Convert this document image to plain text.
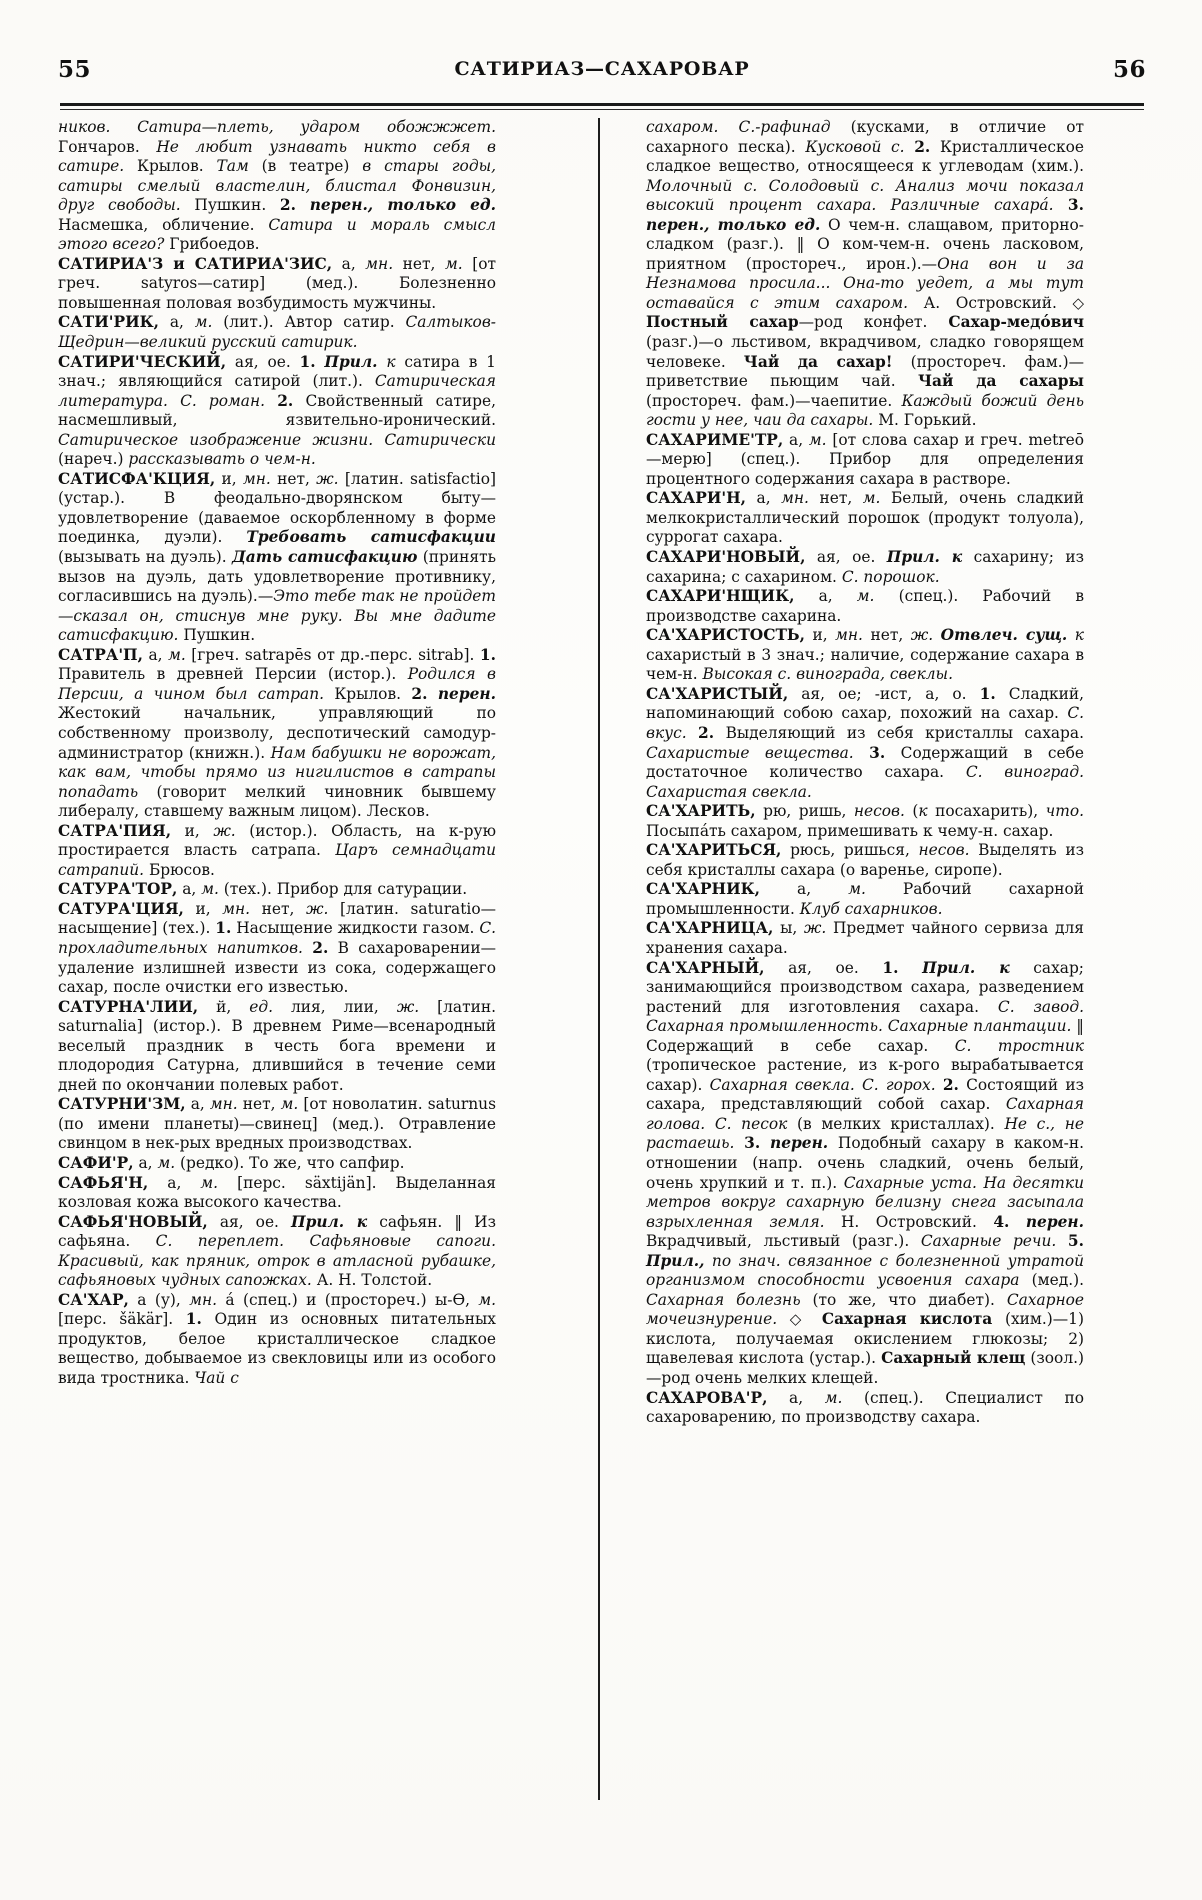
55	САТИРИАЗ—САХАРОВАР	56

ников. Сатира—плеть, ударом обожжжет. Гончаров. Не любит узнавать никто себя в сатире. Крылов. Там (в театре) в стары годы, сатиры смелый властелин, блистал Фонвизин, друг свободы. Пушкин. 2. перен., только ед. Насмешка, обличение. Сатира и мораль смысл этого всего? Грибоедов.

САТИРИА'З и САТИРИА'ЗИС, а, мн. нет, м. [от греч. satyros—сатир] (мед.). Болезненно повышенная половая возбудимость мужчины.

САТИ'РИК, а, м. (лит.). Автор сатир. Салтыков-Щедрин—великий русский сатирик.

САТИРИ'ЧЕСКИЙ, ая, ое. 1. Прил. к сатира в 1 знач.; являющийся сатирой (лит.). Сатирическая литература. С. роман. 2. Свойственный сатире, насмешливый, язвительно-иронический. Сатирическое изображение жизни. Сатирически (нареч.) рассказывать о чем-н.

САТИСФА'КЦИЯ, и, мн. нет, ж. [латин. satisfactio] (устар.). В феодально-дворянском быту—удовлетворение (даваемое оскорбленному в форме поединка, дуэли). Требовать сатисфакции (вызывать на дуэль). Дать сатисфакцию (принять вызов на дуэль, дать удовлетворение противнику, согласившись на дуэль).—Это тебе так не пройдет—сказал он, стиснув мне руку. Вы мне дадите сатисфакцию. Пушкин.

САТРА'П, а, м. [греч. satrapēs от др.-перс. sitrab]. 1. Правитель в древней Персии (истор.). Родился в Персии, а чином был сатрап. Крылов. 2. перен. Жестокий начальник, управляющий по собственному произволу, деспотический самодур-администратор (книжн.). Нам бабушки не ворожат, как вам, чтобы прямо из нигилистов в сатрапы попадать (говорит мелкий чиновник бывшему либералу, ставшему важным лицом). Лесков.

САТРА'ПИЯ, и, ж. (истор.). Область, на к-рую простирается власть сатрапа. Царъ семнадцати сатрапий. Брюсов.

САТУРА'ТОР, а, м. (тех.). Прибор для сатурации.

САТУРА'ЦИЯ, и, мн. нет, ж. [латин. saturatio—насыщение] (тех.). 1. Насыщение жидкости газом. С. прохладительных напитков. 2. В сахароварении—удаление излишней извести из сока, содержащего сахар, после очистки его известью.

САТУРНА'ЛИИ, й, ед. лия, лии, ж. [латин. saturnalia] (истор.). В древнем Риме—всенародный веселый праздник в честь бога времени и плодородия Сатурна, длившийся в течение семи дней по окончании полевых работ.

САТУРНИ'ЗМ, а, мн. нет, м. [от новолатин. saturnus (по имени планеты)—свинец] (мед.). Отравление свинцом в нек-рых вредных производствах.

САФИ'Р, а, м. (редко). То же, что сапфир.

САФЬЯ'Н, а, м. [перс. säxtijän]. Выделанная козловая кожа высокого качества.

САФЬЯ'НОВЫЙ, ая, ое. Прил. к сафьян. ‖ Из сафьяна. С. переплет. Сафьяновые сапоги. Красивый, как пряник, отрок в атласной рубашке, сафьяновых чудных сапожках. А. Н. Толстой.

СА'ХАР, а (у), мн. á (спец.) и (простореч.) ы-Ѳ, м. [перс. šäkär]. 1. Один из основных питательных продуктов, белое кристаллическое сладкое вещество, добываемое из свекловицы или из особого вида тростника. Чай с

сахаром. С.-рафинад (кусками, в отличие от сахарного песка). Кусковой с. 2. Кристаллическое сладкое вещество, относящееся к углеводам (хим.). Молочный с. Солодовый с. Анализ мочи показал высокий процент сахара. Различные сахарá. 3. перен., только ед. О чем-н. слащавом, приторно-сладком (разг.). ‖ О ком-чем-н. очень ласковом, приятном (простореч., ирон.).—Она вон и за Незнамова просила... Она-то уедет, а мы тут оставайся с этим сахаром. А. Островский. ◇ Постный сахар—род конфет. Сахар-медóвич (разг.)—о льстивом, вкрадчивом, сладко говорящем человеке. Чай да сахар! (простореч. фам.)—приветствие пьющим чай. Чай да сахары (простореч. фам.)—чаепитие. Каждый божий день гости у нее, чаи да сахары. М. Горький.

САХАРИМЕ'ТР, а, м. [от слова сахар и греч. metreō—мерю] (спец.). Прибор для определения процентного содержания сахара в растворе.

САХАРИ'Н, а, мн. нет, м. Белый, очень сладкий мелкокристаллический порошок (продукт толуола), суррогат сахара.

САХАРИ'НОВЫЙ, ая, ое. Прил. к сахарину; из сахарина; с сахарином. С. порошок.

САХАРИ'НЩИК, а, м. (спец.). Рабочий в производстве сахарина.

СА'ХАРИСТОСТЬ, и, мн. нет, ж. Отвлеч. сущ. к сахаристый в 3 знач.; наличие, содержание сахара в чем-н. Высокая с. винограда, свеклы.

СА'ХАРИСТЫЙ, ая, ое; -ист, а, о. 1. Сладкий, напоминающий собою сахар, похожий на сахар. С. вкус. 2. Выделяющий из себя кристаллы сахара. Сахаристые вещества. 3. Содержащий в себе достаточное количество сахара. С. виноград. Сахаристая свекла.

СА'ХАРИТЬ, рю, ришь, несов. (к посахарить), что. Посыпáть сахаром, примешивать к чему-н. сахар.

СА'ХАРИТЬСЯ, рюсь, ришься, несов. Выделять из себя кристаллы сахара (о варенье, сиропе).

СА'ХАРНИК, а, м. Рабочий сахарной промышленности. Клуб сахарников.

СА'ХАРНИЦА, ы, ж. Предмет чайного сервиза для хранения сахара.

СА'ХАРНЫЙ, ая, ое. 1. Прил. к сахар; занимающийся производством сахара, разведением растений для изготовления сахара. С. завод. Сахарная промышленность. Сахарные плантации. ‖ Содержащий в себе сахар. С. тростник (тропическое растение, из к-рого вырабатывается сахар). Сахарная свекла. С. горох. 2. Состоящий из сахара, представляющий собой сахар. Сахарная голова. С. песок (в мелких кристаллах). Не с., не растаешь. 3. перен. Подобный сахару в каком-н. отношении (напр. очень сладкий, очень белый, очень хрупкий и т. п.). Сахарные уста. На десятки метров вокруг сахарную белизну снега засыпала взрыхленная земля. Н. Островский. 4. перен. Вкрадчивый, льстивый (разг.). Сахарные речи. 5. Прил., по знач. связанное с болезненной утратой организмом способности усвоения сахара (мед.). Сахарная болезнь (то же, что диабет). Сахарное мочеизнурение. ◇ Сахарная кислота (хим.)—1) кислота, получаемая окислением глюкозы; 2) щавелевая кислота (устар.). Сахарный клещ (зоол.)—род очень мелких клещей.

САХАРОВА'Р, а, м. (спец.). Специалист по сахароварению, по производству сахара.
